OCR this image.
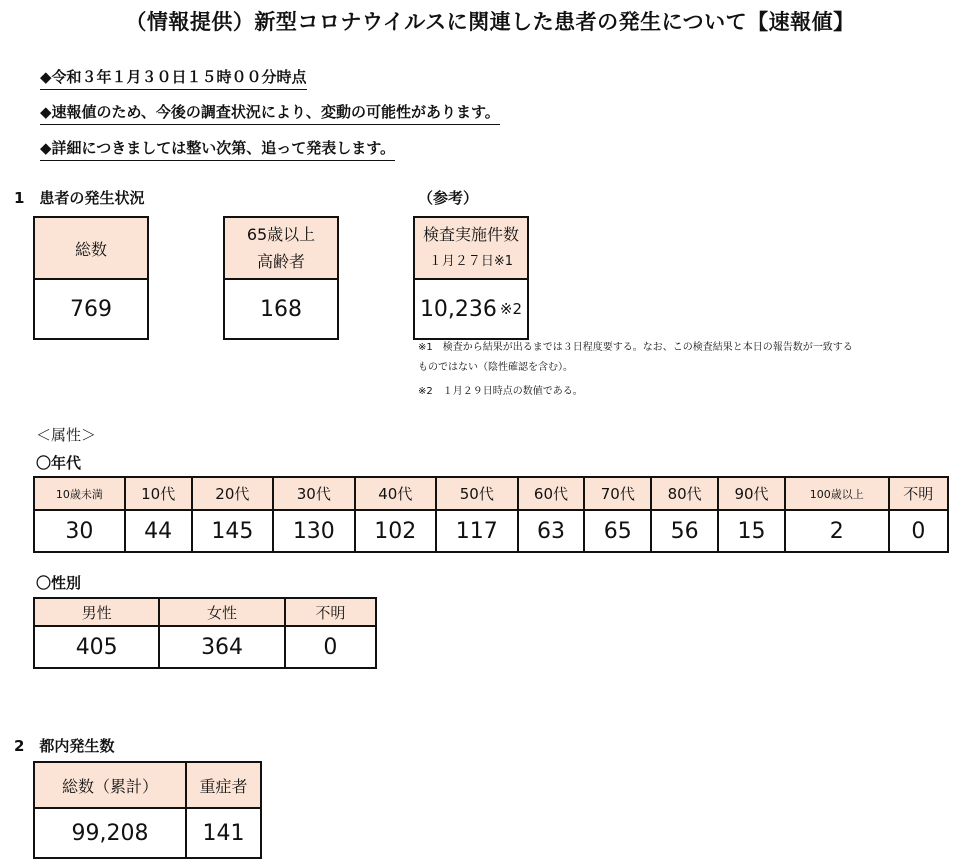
（情報提供）新型コロナウイルスに関連した患者の発生について【速報値】
◆令和３年１月３０日１５時００分時点
◆速報値のため、今後の調査状況により、変動の可能性があります。
◆詳細につきましては整い次第、追って発表します。
1　患者の発生状況	（参考）
総数
769
65歳以上
高齢者
168
検査実施件数
１月２７日※1
10,236 ※2
※1　検査から結果が出るまでは３日程度要する。なお、この検査結果と本日の報告数が一致する
ものではない（陰性確認を含む）。
※2　１月２９日時点の数値である。
＜属性＞
〇年代
10歳未満	10代	20代	30代	40代	50代	60代	70代	80代	90代	100歳以上	不明
30	44	145	130	102	117	63	65	56	15	2	0
〇性別
男性	女性	不明
405	364	0
2　都内発生数
総数（累計）	重症者
99,208	141
